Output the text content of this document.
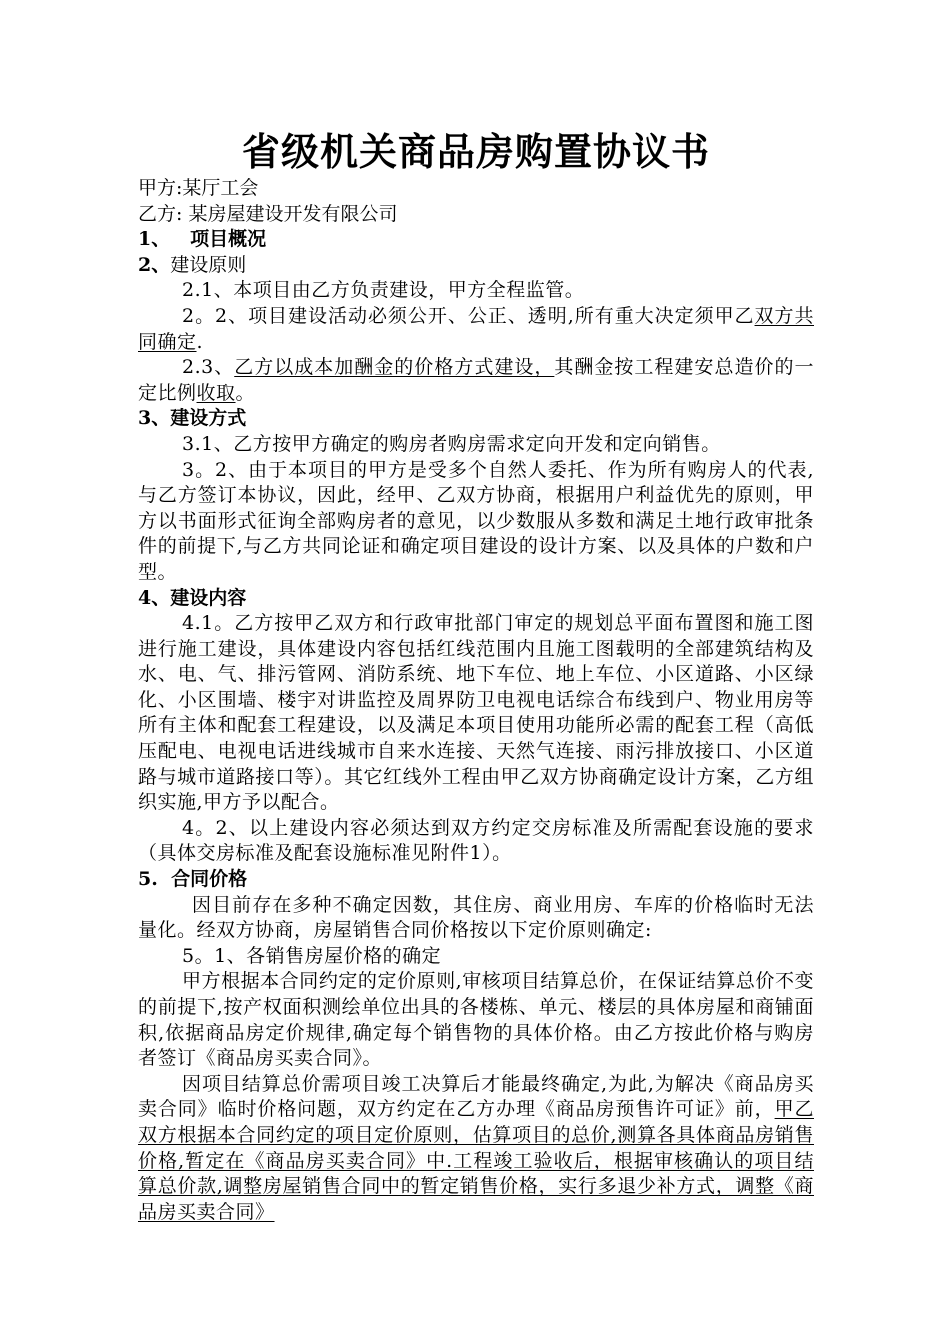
省级机关商品房购置协议书
甲方:某厅工会
乙方: 某房屋建设开发有限公司
1、 项目概况
2、建设原则
2.1、本项目由乙方负责建设，甲方全程监管。
2。2、项目建设活动必须公开、公正、透明,所有重大决定须甲乙双方共同确定.
2.3、乙方以成本加酬金的价格方式建设，其酬金按工程建安总造价的一定比例收取。
3、建设方式
3.1、乙方按甲方确定的购房者购房需求定向开发和定向销售。
3。2、由于本项目的甲方是受多个自然人委托、作为所有购房人的代表,与乙方签订本协议，因此，经甲、乙双方协商，根据用户利益优先的原则，甲方以书面形式征询全部购房者的意见，以少数服从多数和满足土地行政审批条件的前提下,与乙方共同论证和确定项目建设的设计方案、以及具体的户数和户型。
4、建设内容
4.1。乙方按甲乙双方和行政审批部门审定的规划总平面布置图和施工图进行施工建设，具体建设内容包括红线范围内且施工图载明的全部建筑结构及水、电、气、排污管网、消防系统、地下车位、地上车位、小区道路、小区绿化、小区围墙、楼宇对讲监控及周界防卫电视电话综合布线到户、物业用房等所有主体和配套工程建设，以及满足本项目使用功能所必需的配套工程（高低压配电、电视电话进线城市自来水连接、天然气连接、雨污排放接口、小区道路与城市道路接口等）。其它红线外工程由甲乙双方协商确定设计方案，乙方组织实施,甲方予以配合。
4。2、以上建设内容必须达到双方约定交房标准及所需配套设施的要求（具体交房标准及配套设施标准见附件1）。
5. 合同价格
因目前存在多种不确定因数，其住房、商业用房、车库的价格临时无法量化。经双方协商，房屋销售合同价格按以下定价原则确定:
5。1、各销售房屋价格的确定
甲方根据本合同约定的定价原则,审核项目结算总价，在保证结算总价不变的前提下,按产权面积测绘单位出具的各楼栋、单元、楼层的具体房屋和商铺面积,依据商品房定价规律,确定每个销售物的具体价格。由乙方按此价格与购房者签订《商品房买卖合同》。
因项目结算总价需项目竣工决算后才能最终确定,为此,为解决《商品房买卖合同》临时价格问题，双方约定在乙方办理《商品房预售许可证》前，甲乙双方根据本合同约定的项目定价原则，估算项目的总价,测算各具体商品房销售价格,暂定在《商品房买卖合同》中.工程竣工验收后，根据审核确认的项目结算总价款,调整房屋销售合同中的暂定销售价格，实行多退少补方式，调整《商品房买卖合同》
